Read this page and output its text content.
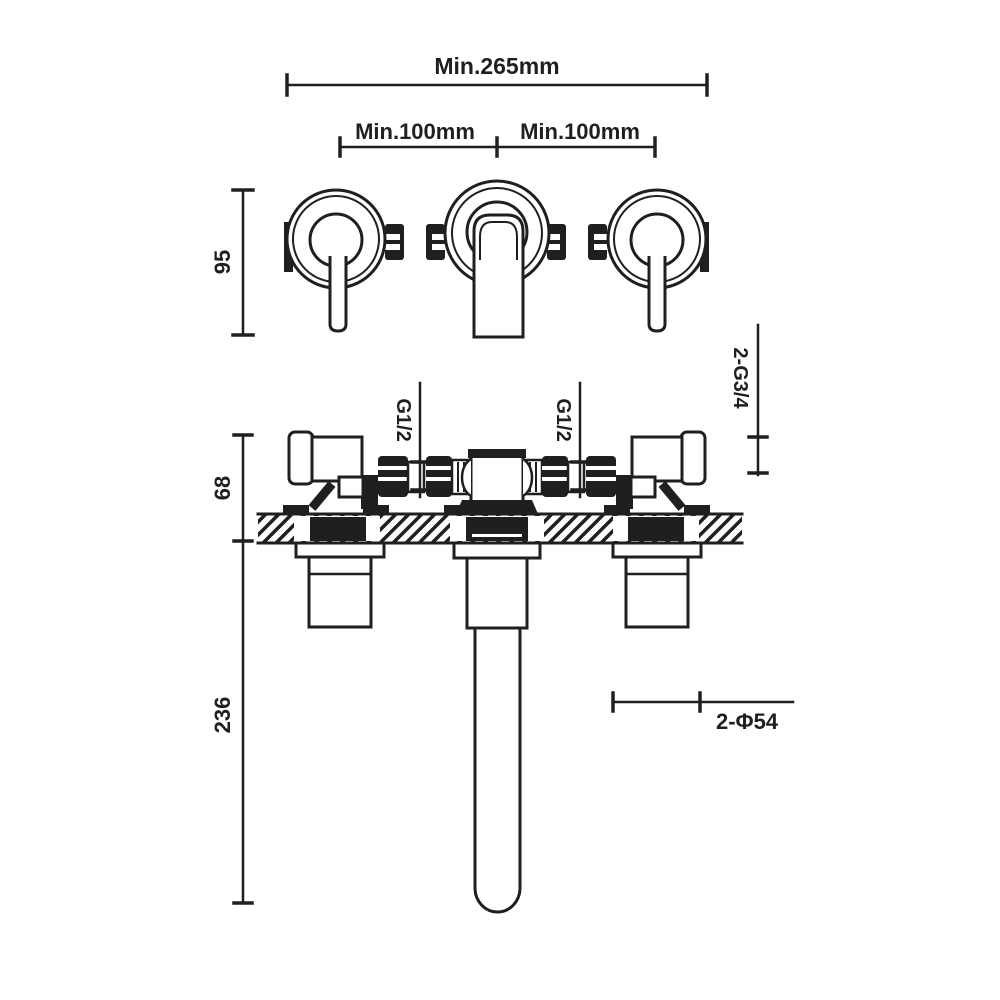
Min.265mm
Min.100mm Min.100mm
95
G1/2	G1/2
2-G3/4
68
236	2-Φ54
